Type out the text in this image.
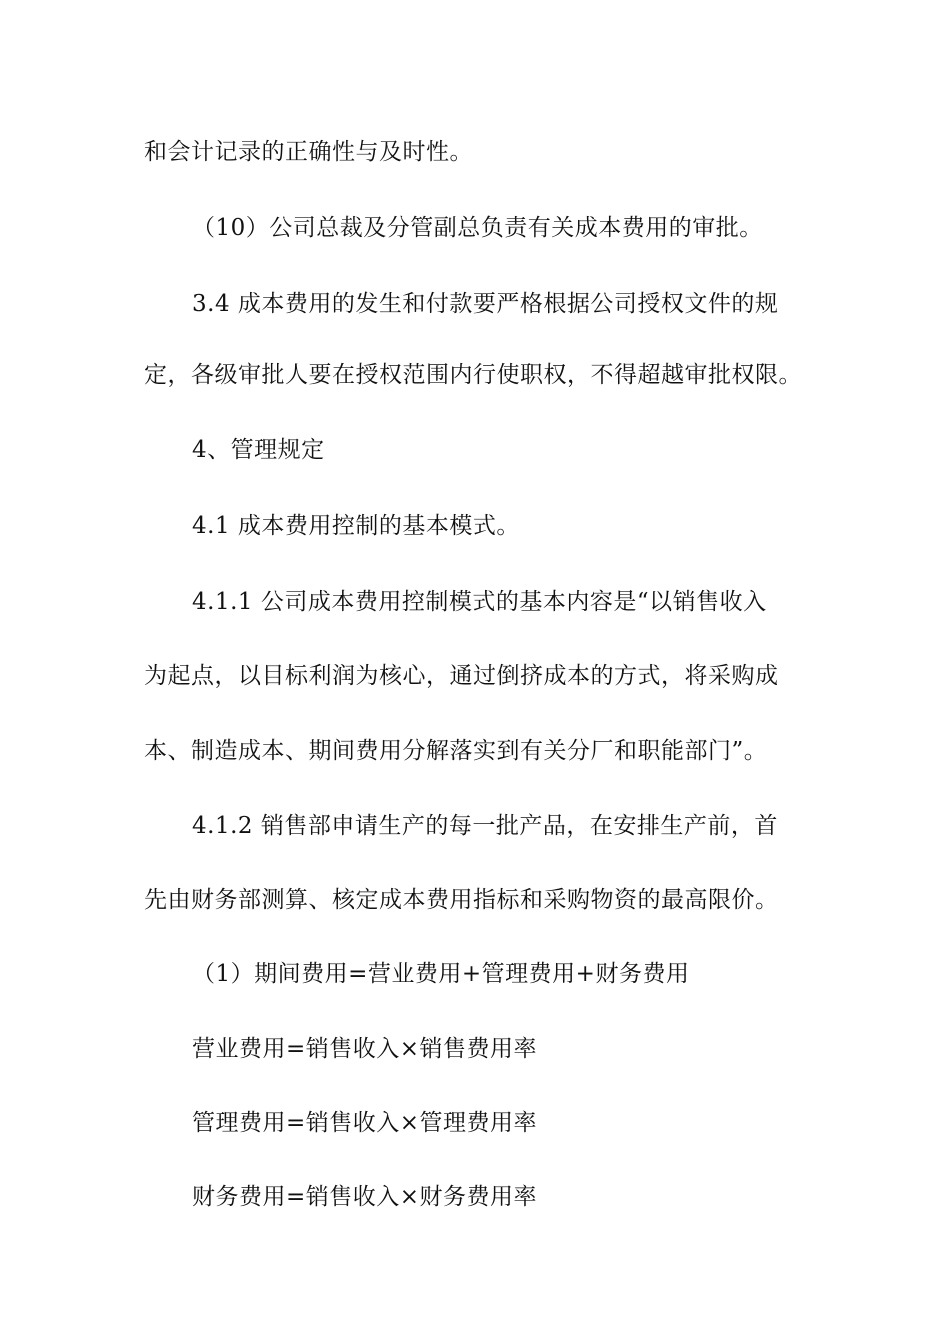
和会计记录的正确性与及时性。
（10）公司总裁及分管副总负责有关成本费用的审批。
3.4 成本费用的发生和付款要严格根据公司授权文件的规
定，各级审批人要在授权范围内行使职权，不得超越审批权限。
4、管理规定
4.1 成本费用控制的基本模式。
4.1.1 公司成本费用控制模式的基本内容是“以销售收入
为起点，以目标利润为核心，通过倒挤成本的方式，将采购成
本、制造成本、期间费用分解落实到有关分厂和职能部门”。
4.1.2 销售部申请生产的每一批产品，在安排生产前，首
先由财务部测算、核定成本费用指标和采购物资的最高限价。
（1）期间费用=营业费用+管理费用+财务费用
营业费用=销售收入×销售费用率
管理费用=销售收入×管理费用率
财务费用=销售收入×财务费用率
